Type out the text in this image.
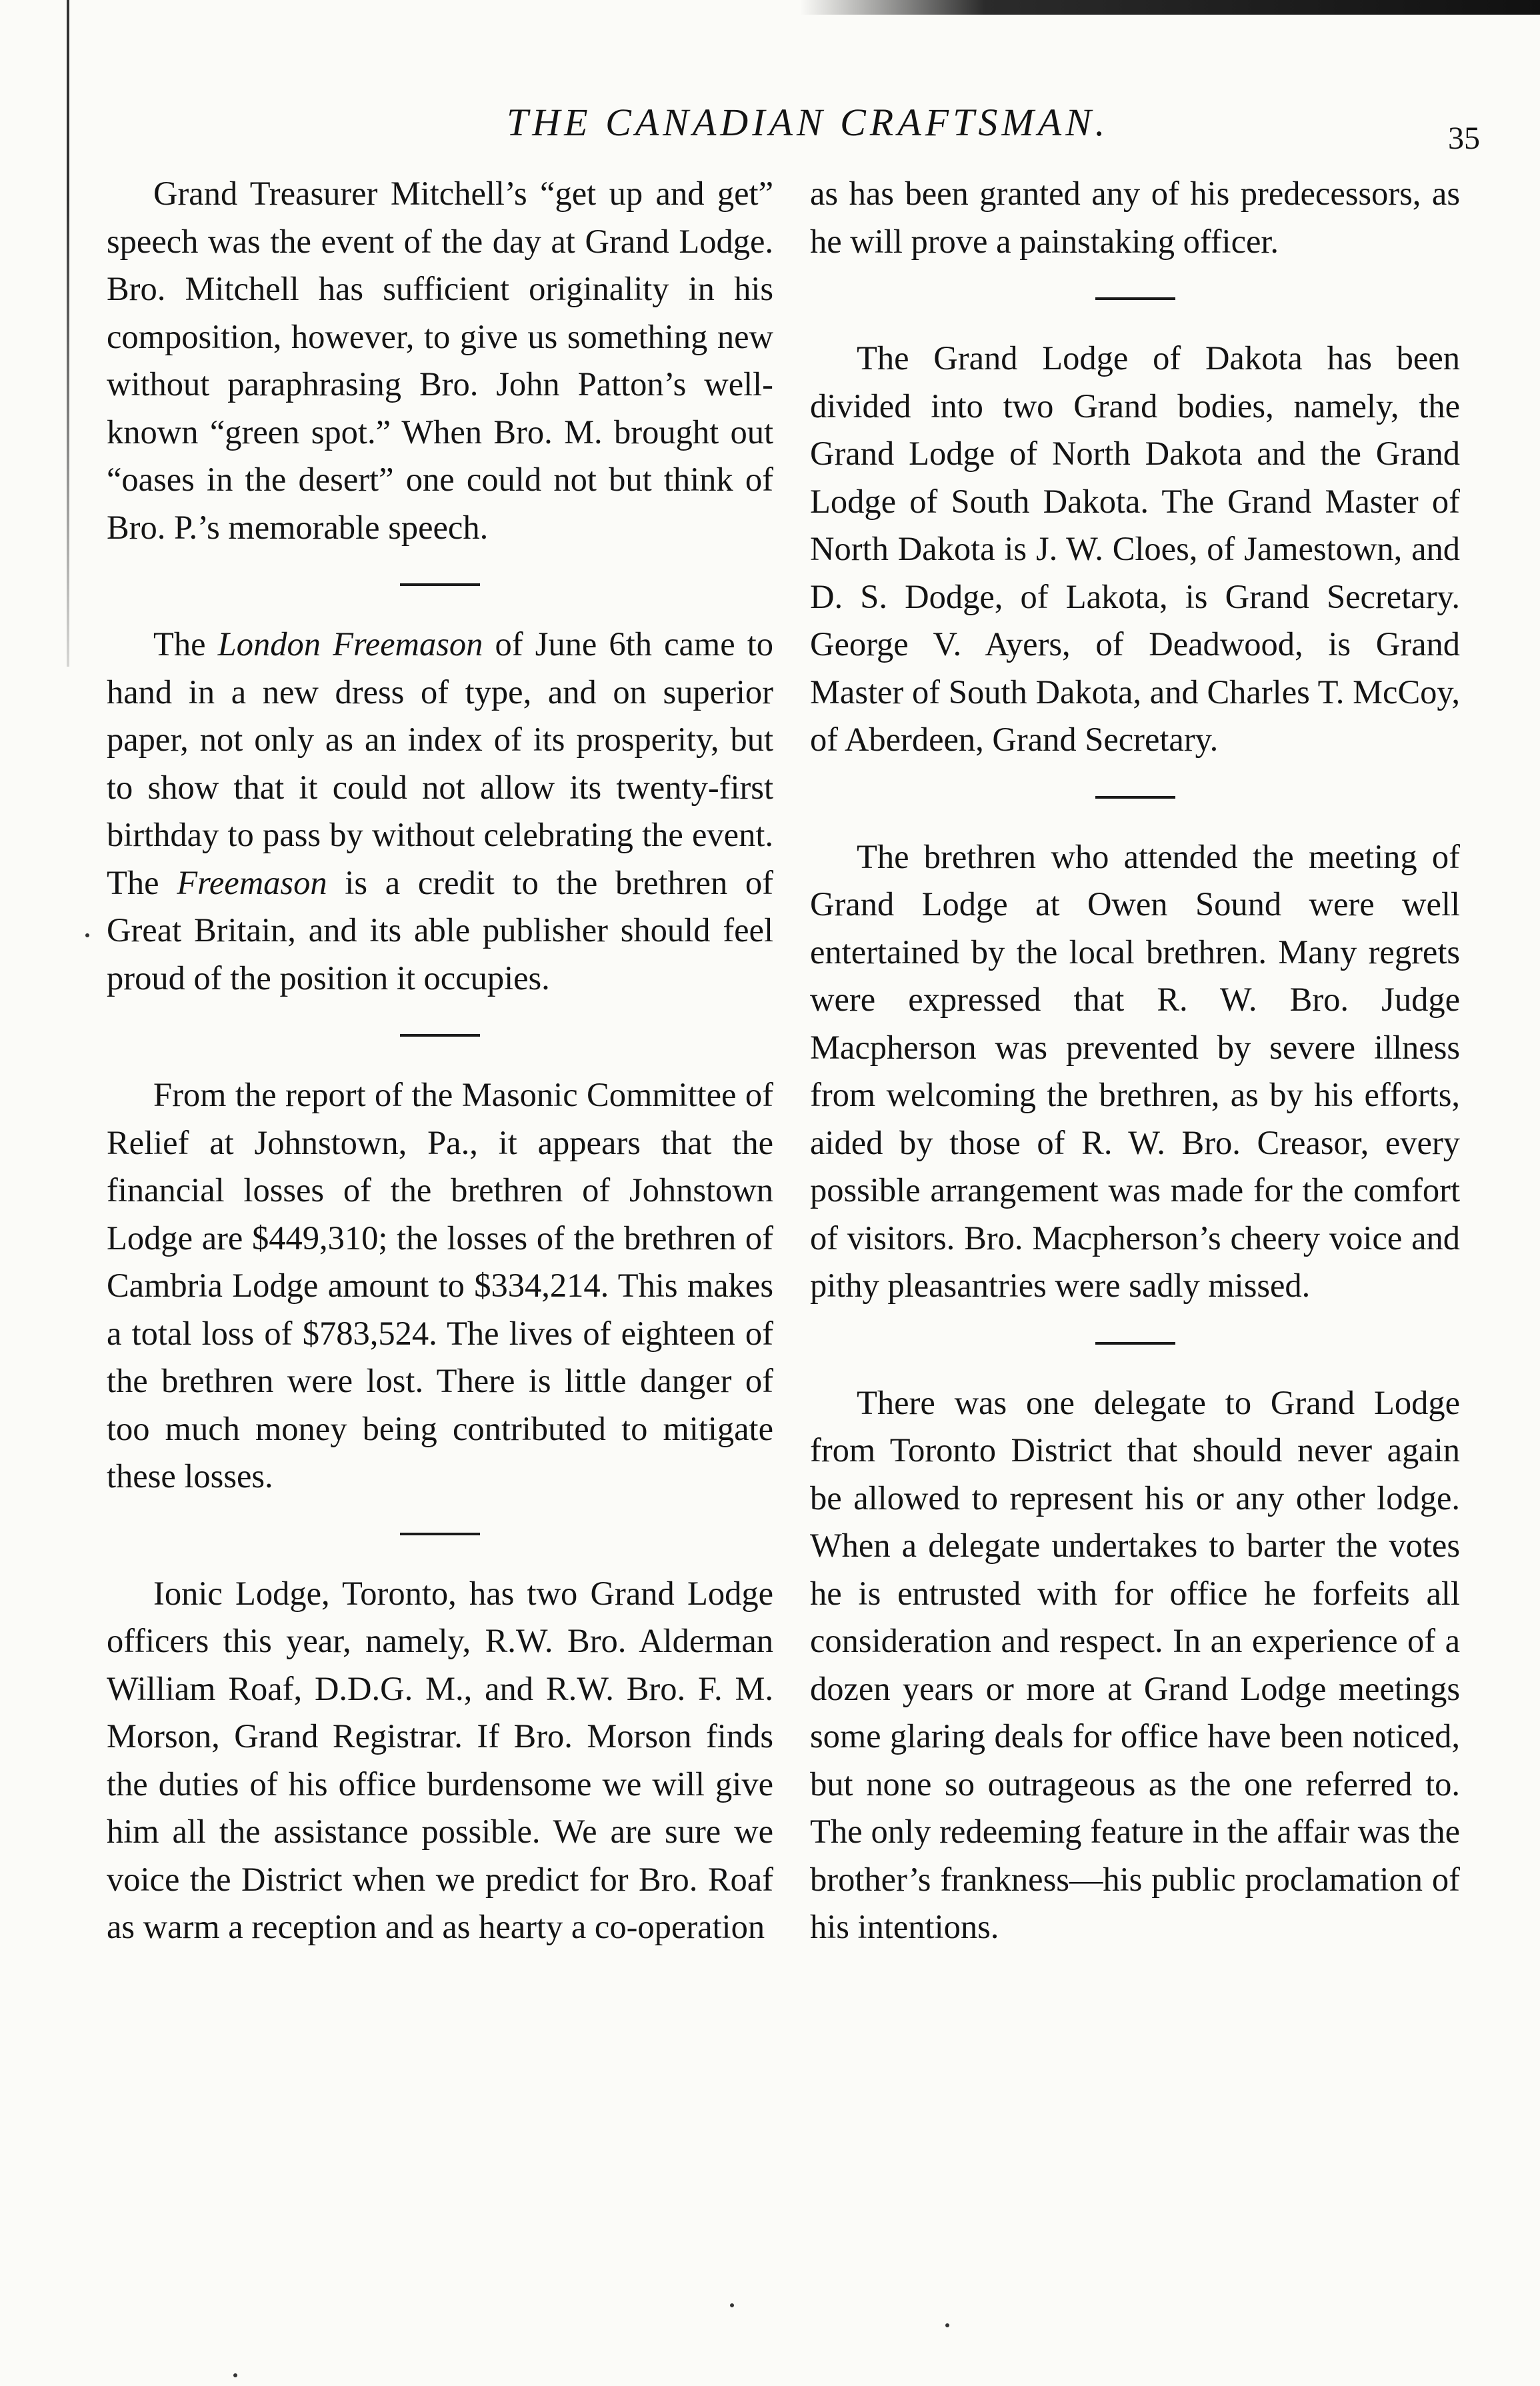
THE CANADIAN CRAFTSMAN.	35

Grand Treasurer Mitchell’s “get up and get” speech was the event of the day at Grand Lodge. Bro. Mitchell has sufficient originality in his composition, however, to give us something new without paraphrasing Bro. John Patton’s well-known “green spot.” When Bro. M. brought out “oases in the desert” one could not but think of Bro. P.’s memorable speech.

The London Freemason of June 6th came to hand in a new dress of type, and on superior paper, not only as an index of its prosperity, but to show that it could not allow its twenty-first birthday to pass by without celebrating the event. The Freemason is a credit to the brethren of Great Britain, and its able publisher should feel proud of the position it occupies.

From the report of the Masonic Committee of Relief at Johnstown, Pa., it appears that the financial losses of the brethren of Johnstown Lodge are $449,310; the losses of the brethren of Cambria Lodge amount to $334,214. This makes a total loss of $783,524. The lives of eighteen of the brethren were lost. There is little danger of too much money being contributed to mitigate these losses.

Ionic Lodge, Toronto, has two Grand Lodge officers this year, namely, R.W. Bro. Alderman William Roaf, D.D.G. M., and R.W. Bro. F. M. Morson, Grand Registrar. If Bro. Morson finds the duties of his office burdensome we will give him all the assistance possible. We are sure we voice the District when we predict for Bro. Roaf as warm a reception and as hearty a co-operation

as has been granted any of his predecessors, as he will prove a painstaking officer.

The Grand Lodge of Dakota has been divided into two Grand bodies, namely, the Grand Lodge of North Dakota and the Grand Lodge of South Dakota. The Grand Master of North Dakota is J. W. Cloes, of Jamestown, and D. S. Dodge, of Lakota, is Grand Secretary. George V. Ayers, of Deadwood, is Grand Master of South Dakota, and Charles T. McCoy, of Aberdeen, Grand Secretary.

The brethren who attended the meeting of Grand Lodge at Owen Sound were well entertained by the local brethren. Many regrets were expressed that R. W. Bro. Judge Macpherson was prevented by severe illness from welcoming the brethren, as by his efforts, aided by those of R. W. Bro. Creasor, every possible arrangement was made for the comfort of visitors. Bro. Macpherson’s cheery voice and pithy pleasantries were sadly missed.

There was one delegate to Grand Lodge from Toronto District that should never again be allowed to represent his or any other lodge. When a delegate undertakes to barter the votes he is entrusted with for office he forfeits all consideration and respect. In an experience of a dozen years or more at Grand Lodge meetings some glaring deals for office have been noticed, but none so outrageous as the one referred to. The only redeeming feature in the affair was the brother’s frankness—his public proclamation of his intentions.
